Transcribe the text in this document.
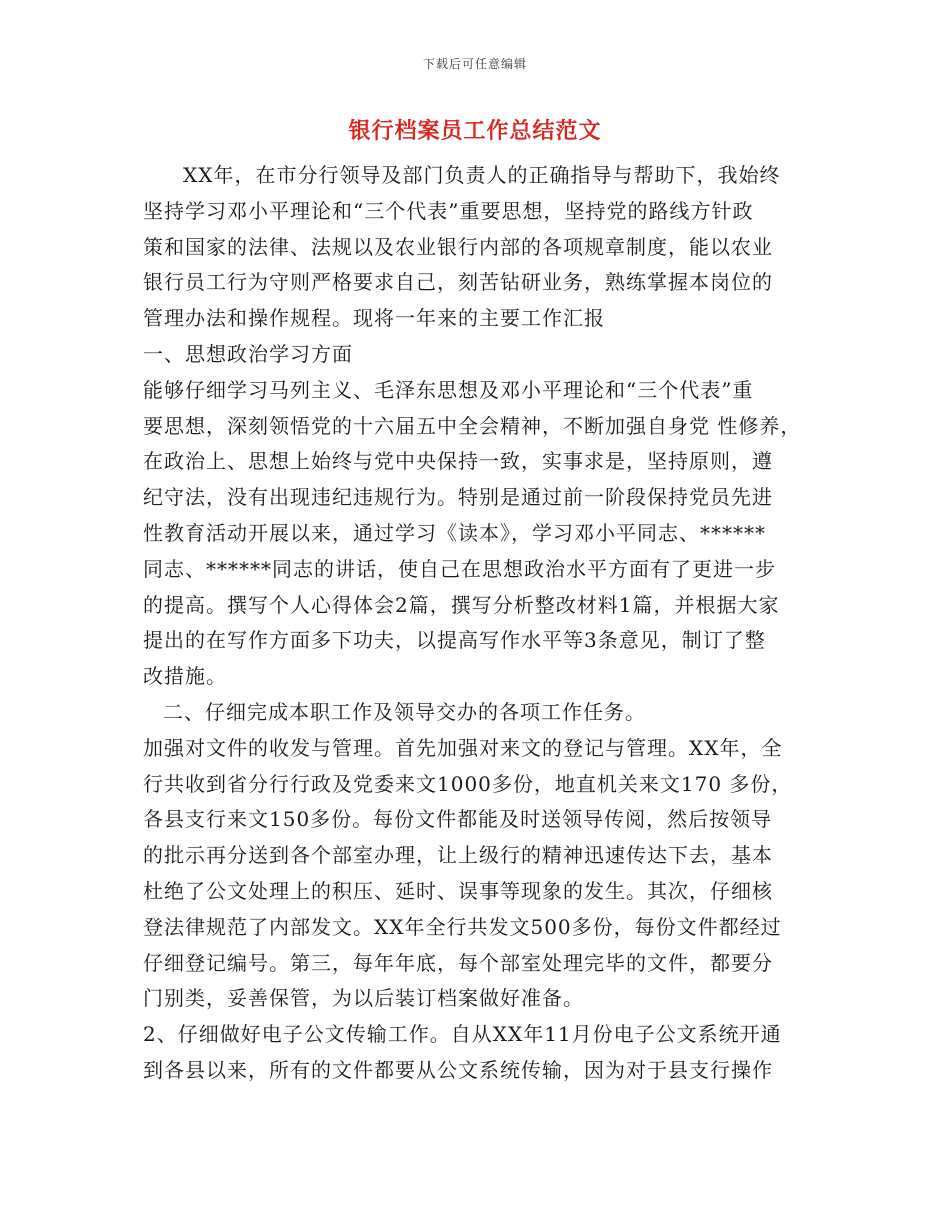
下载后可任意编辑
银行档案员工作总结范文
XX年，在市分行领导及部门负责人的正确指导与帮助下，我始终
坚持学习邓小平理论和“三个代表”重要思想，坚持党的路线方针政
策和国家的法律、法规以及农业银行内部的各项规章制度，能以农业
银行员工行为守则严格要求自己，刻苦钻研业务，熟练掌握本岗位的
管理办法和操作规程。现将一年来的主要工作汇报
一、思想政治学习方面
能够仔细学习马列主义、毛泽东思想及邓小平理论和“三个代表”重
要思想，深刻领悟党的十六届五中全会精神，不断加强自身党 性修养，
在政治上、思想上始终与党中央保持一致，实事求是，坚持原则，遵
纪守法，没有出现违纪违规行为。特别是通过前一阶段保持党员先进
性教育活动开展以来，通过学习《读本》，学习邓小平同志、******
同志、******同志的讲话，使自己在思想政治水平方面有了更进一步
的提高。撰写个人心得体会2篇，撰写分析整改材料1篇，并根据大家
提出的在写作方面多下功夫，以提高写作水平等3条意见，制订了整
改措施。
二、仔细完成本职工作及领导交办的各项工作任务。
加强对文件的收发与管理。首先加强对来文的登记与管理。XX年，全
行共收到省分行行政及党委来文1000多份，地直机关来文170 多份，
各县支行来文150多份。每份文件都能及时送领导传阅，然后按领导
的批示再分送到各个部室办理，让上级行的精神迅速传达下去，基本
杜绝了公文处理上的积压、延时、误事等现象的发生。其次，仔细核
登法律规范了内部发文。XX年全行共发文500多份，每份文件都经过
仔细登记编号。第三，每年年底，每个部室处理完毕的文件，都要分
门别类，妥善保管，为以后装订档案做好准备。
2、仔细做好电子公文传输工作。自从XX年11月份电子公文系统开通
到各县以来，所有的文件都要从公文系统传输，因为对于县支行操作
